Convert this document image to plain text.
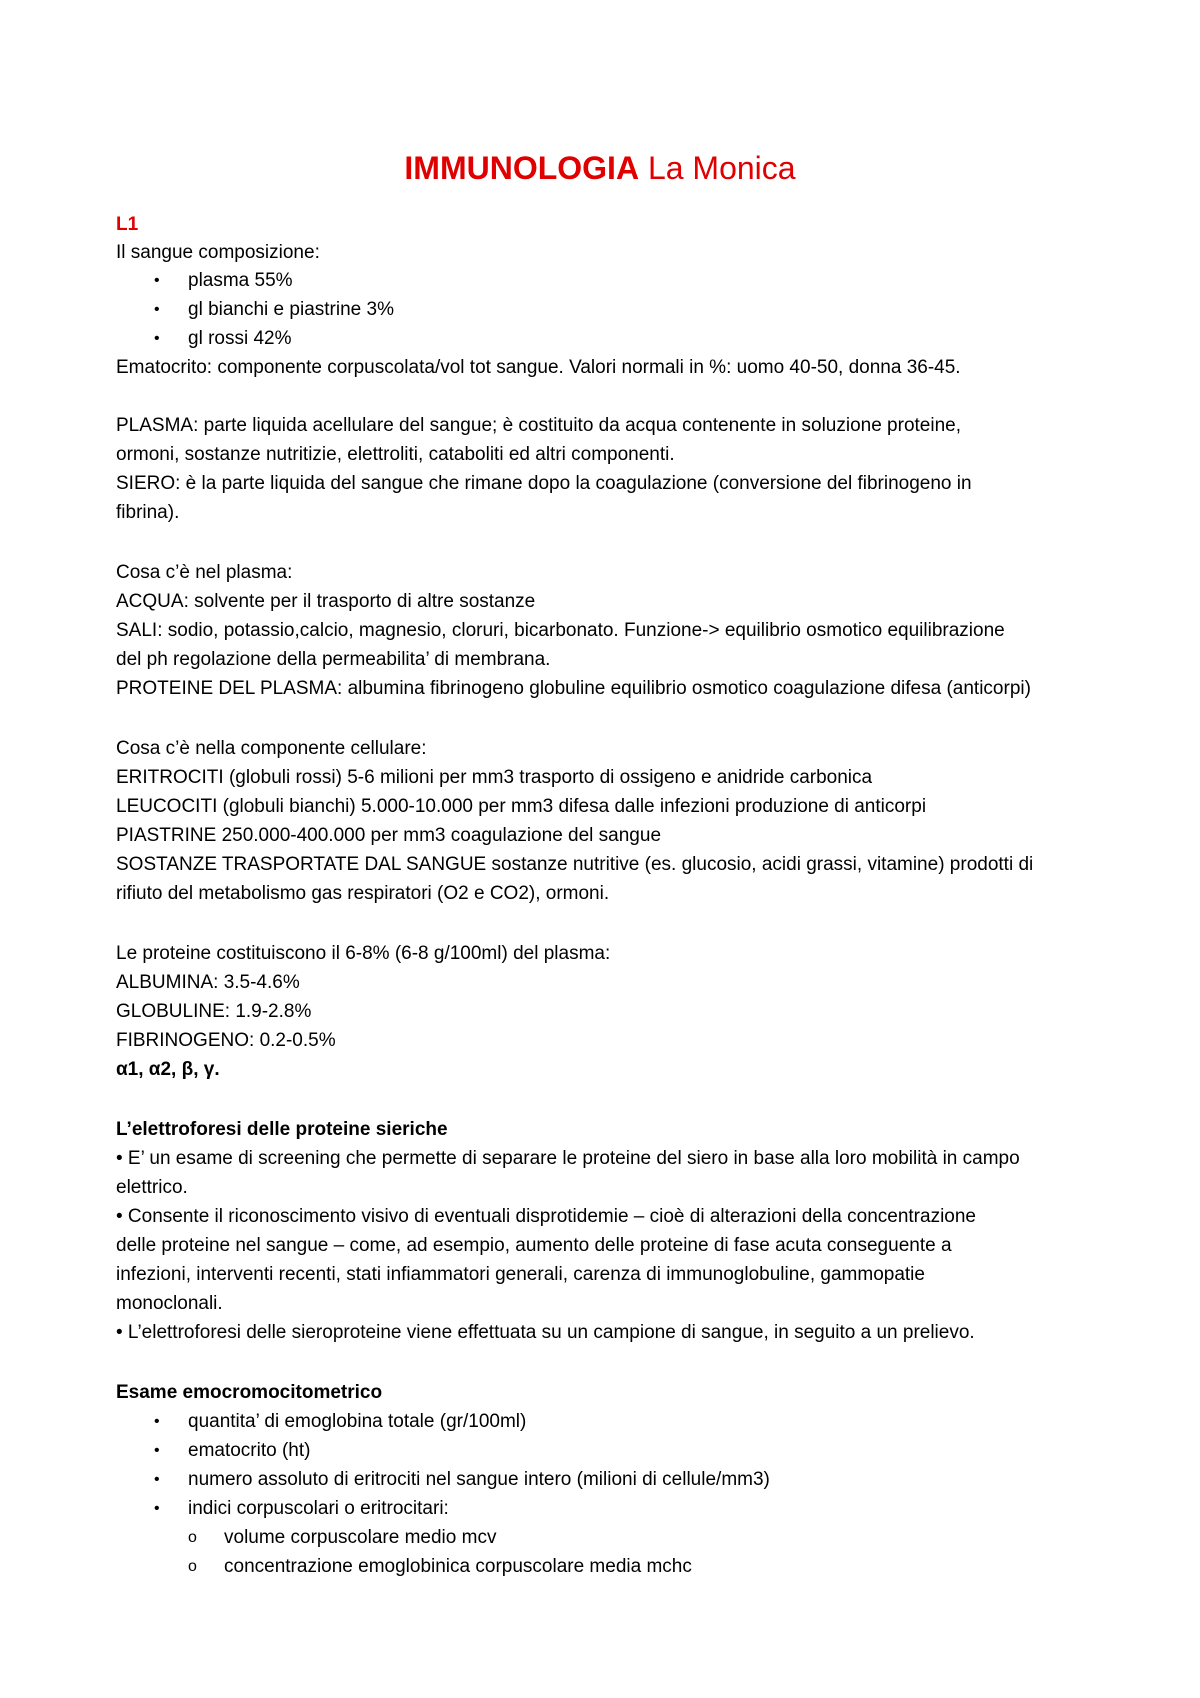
IMMUNOLOGIA La Monica
L1
Il sangue composizione:
• plasma 55%
• gl bianchi e piastrine 3%
• gl rossi 42%
Ematocrito: componente corpuscolata/vol tot sangue. Valori normali in %: uomo 40-50, donna 36-45.
PLASMA: parte liquida acellulare del sangue; è costituito da acqua contenente in soluzione proteine,
ormoni, sostanze nutritizie, elettroliti, cataboliti ed altri componenti.
SIERO: è la parte liquida del sangue che rimane dopo la coagulazione (conversione del fibrinogeno in
fibrina).
Cosa c’è nel plasma:
ACQUA: solvente per il trasporto di altre sostanze
SALI: sodio, potassio,calcio, magnesio, cloruri, bicarbonato. Funzione-> equilibrio osmotico equilibrazione
del ph regolazione della permeabilita’ di membrana.
PROTEINE DEL PLASMA: albumina fibrinogeno globuline equilibrio osmotico coagulazione difesa (anticorpi)
Cosa c’è nella componente cellulare:
ERITROCITI (globuli rossi) 5-6 milioni per mm3 trasporto di ossigeno e anidride carbonica
LEUCOCITI (globuli bianchi) 5.000-10.000 per mm3 difesa dalle infezioni produzione di anticorpi
PIASTRINE 250.000-400.000 per mm3 coagulazione del sangue
SOSTANZE TRASPORTATE DAL SANGUE sostanze nutritive (es. glucosio, acidi grassi, vitamine) prodotti di
rifiuto del metabolismo gas respiratori (O2 e CO2), ormoni.
Le proteine costituiscono il 6-8% (6-8 g/100ml) del plasma:
ALBUMINA: 3.5-4.6%
GLOBULINE: 1.9-2.8%
FIBRINOGENO: 0.2-0.5%
α1, α2, β, γ.
L’elettroforesi delle proteine sieriche
• E’ un esame di screening che permette di separare le proteine del siero in base alla loro mobilità in campo
elettrico.
• Consente il riconoscimento visivo di eventuali disprotidemie – cioè di alterazioni della concentrazione
delle proteine nel sangue – come, ad esempio, aumento delle proteine di fase acuta conseguente a
infezioni, interventi recenti, stati infiammatori generali, carenza di immunoglobuline, gammopatie
monoclonali.
• L’elettroforesi delle sieroproteine viene effettuata su un campione di sangue, in seguito a un prelievo.
Esame emocromocitometrico
• quantita’ di emoglobina totale (gr/100ml)
• ematocrito (ht)
• numero assoluto di eritrociti nel sangue intero (milioni di cellule/mm3)
• indici corpuscolari o eritrocitari:
o volume corpuscolare medio mcv
o concentrazione emoglobinica corpuscolare media mchc
